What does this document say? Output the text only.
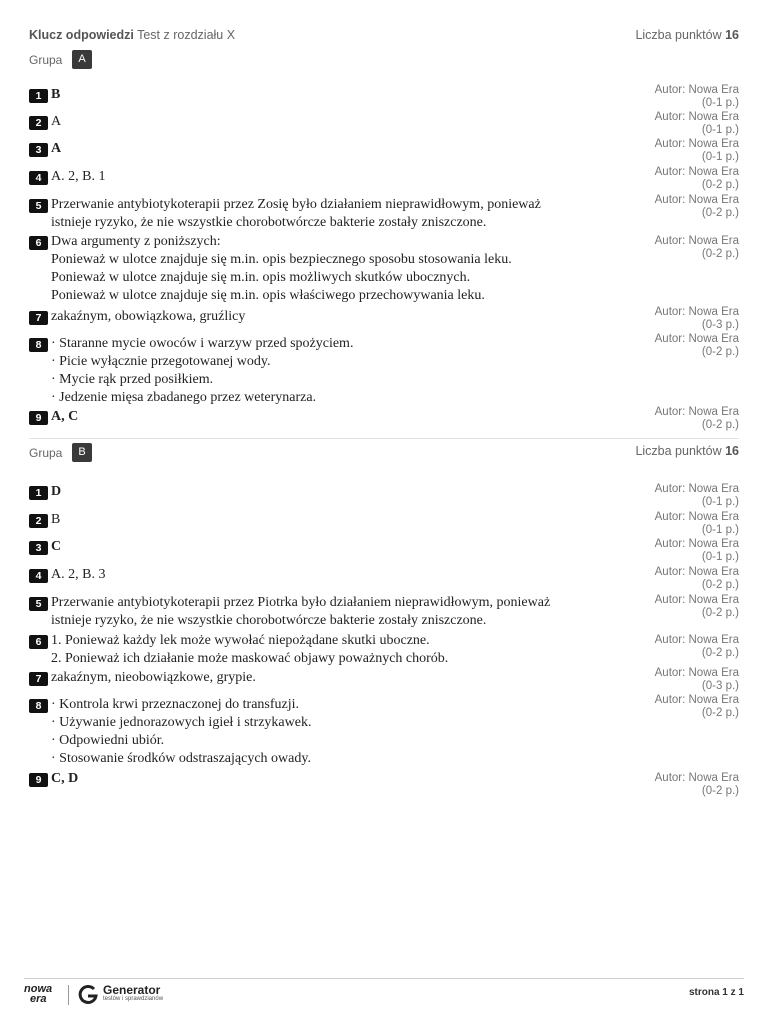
Klucz odpowiedzi Test z rozdziału X	Liczba punktów 16
Grupa	A
1 B	Autor: Nowa Era
(0-1 p.)
2 A	Autor: Nowa Era
(0-1 p.)
3 A	Autor: Nowa Era
(0-1 p.)
4 A. 2, B. 1	Autor: Nowa Era
(0-2 p.)
5 Przerwanie antybiotykoterapii przez Zosię było działaniem nieprawidłowym, ponieważ
istnieje ryzyko, że nie wszystkie chorobotwórcze bakterie zostały zniszczone.
Autor: Nowa Era
(0-2 p.)
6 Dwa argumenty z poniższych:
Ponieważ w ulotce znajduje się m.in. opis bezpiecznego sposobu stosowania leku.
Ponieważ w ulotce znajduje się m.in. opis możliwych skutków ubocznych.
Ponieważ w ulotce znajduje się m.in. opis właściwego przechowywania leku.
Autor: Nowa Era
(0-2 p.)
7 zakaźnym, obowiązkowa, gruźlicy	Autor: Nowa Era
(0-3 p.)
8 · Staranne mycie owoców i warzyw przed spożyciem.
· Picie wyłącznie przegotowanej wody.
· Mycie rąk przed posiłkiem.
· Jedzenie mięsa zbadanego przez weterynarza.
Autor: Nowa Era
(0-2 p.)
9 A, C	Autor: Nowa Era
(0-2 p.)
Grupa	B	Liczba punktów 16
1 D	Autor: Nowa Era
(0-1 p.)
2 B	Autor: Nowa Era
(0-1 p.)
3 C	Autor: Nowa Era
(0-1 p.)
4 A. 2, B. 3	Autor: Nowa Era
(0-2 p.)
5 Przerwanie antybiotykoterapii przez Piotrka było działaniem nieprawidłowym, ponieważ
istnieje ryzyko, że nie wszystkie chorobotwórcze bakterie zostały zniszczone.
Autor: Nowa Era
(0-2 p.)
6 1. Ponieważ każdy lek może wywołać niepożądane skutki uboczne.
2. Ponieważ ich działanie może maskować objawy poważnych chorób.
Autor: Nowa Era
(0-2 p.)
7 zakaźnym, nieobowiązkowe, grypie.	Autor: Nowa Era
(0-3 p.)
8 · Kontrola krwi przeznaczonej do transfuzji.
· Używanie jednorazowych igieł i strzykawek.
· Odpowiedni ubiór.
· Stosowanie środków odstraszających owady.
Autor: Nowa Era
(0-2 p.)
9 C, D	Autor: Nowa Era
(0-2 p.)
nowa
era
Generator
testów i sprawdzianów
strona 1 z 1
